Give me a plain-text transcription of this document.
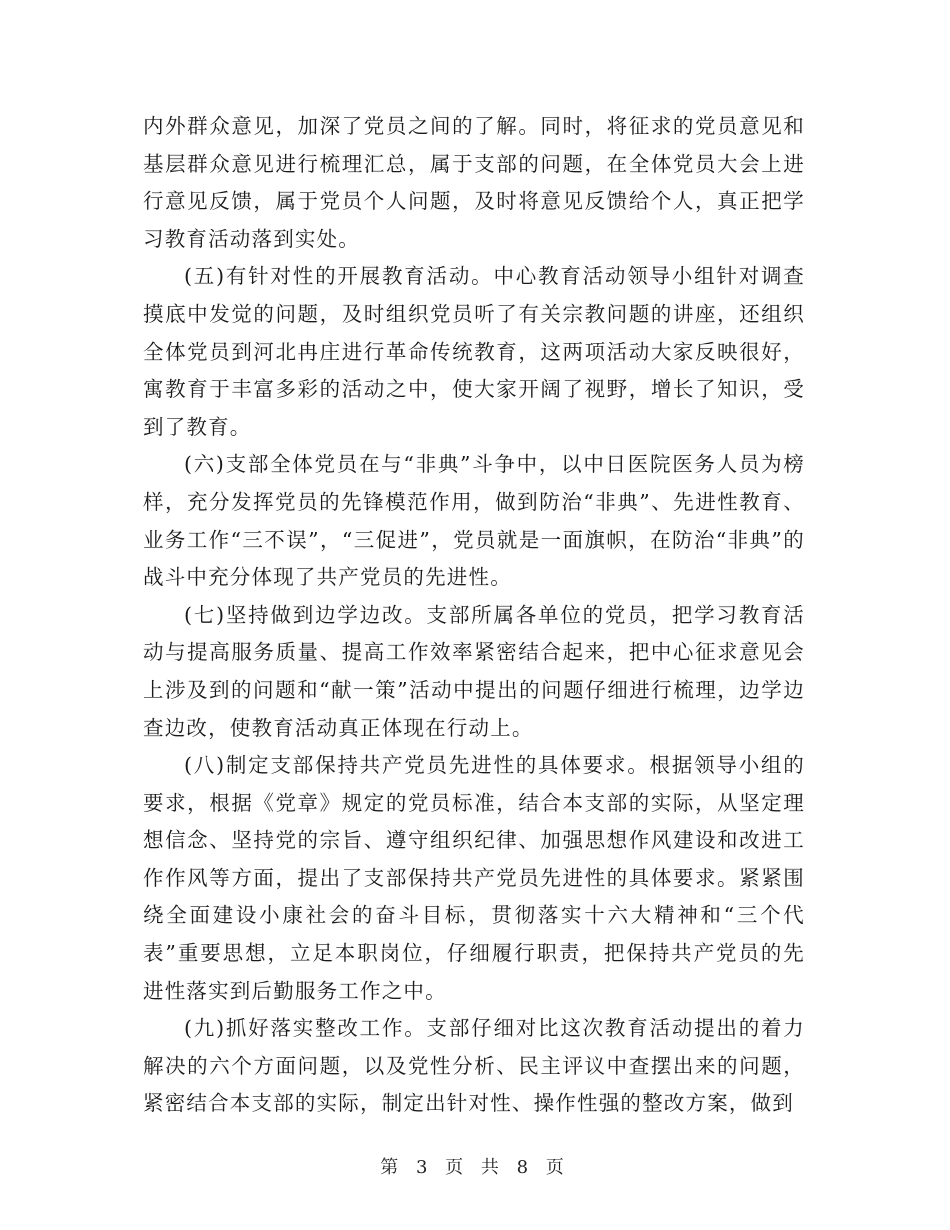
内外群众意见，加深了党员之间的了解。同时，将征求的党员意见和基层群众意见进行梳理汇总，属于支部的问题，在全体党员大会上进行意见反馈，属于党员个人问题，及时将意见反馈给个人，真正把学习教育活动落到实处。

(五)有针对性的开展教育活动。中心教育活动领导小组针对调查摸底中发觉的问题，及时组织党员听了有关宗教问题的讲座，还组织全体党员到河北冉庄进行革命传统教育，这两项活动大家反映很好，寓教育于丰富多彩的活动之中，使大家开阔了视野，增长了知识，受到了教育。

(六)支部全体党员在与“非典”斗争中，以中日医院医务人员为榜样，充分发挥党员的先锋模范作用，做到防治“非典”、先进性教育、业务工作“三不误”，“三促进”，党员就是一面旗帜，在防治“非典”的战斗中充分体现了共产党员的先进性。

(七)坚持做到边学边改。支部所属各单位的党员，把学习教育活动与提高服务质量、提高工作效率紧密结合起来，把中心征求意见会上涉及到的问题和“献一策”活动中提出的问题仔细进行梳理，边学边查边改，使教育活动真正体现在行动上。

(八)制定支部保持共产党员先进性的具体要求。根据领导小组的要求，根据《党章》规定的党员标准，结合本支部的实际，从坚定理想信念、坚持党的宗旨、遵守组织纪律、加强思想作风建设和改进工作作风等方面，提出了支部保持共产党员先进性的具体要求。紧紧围绕全面建设小康社会的奋斗目标，贯彻落实十六大精神和“三个代表”重要思想，立足本职岗位，仔细履行职责，把保持共产党员的先进性落实到后勤服务工作之中。

(九)抓好落实整改工作。支部仔细对比这次教育活动提出的着力解决的六个方面问题，以及党性分析、民主评议中查摆出来的问题，紧密结合本支部的实际，制定出针对性、操作性强的整改方案，做到

第 3 页 共 8 页
